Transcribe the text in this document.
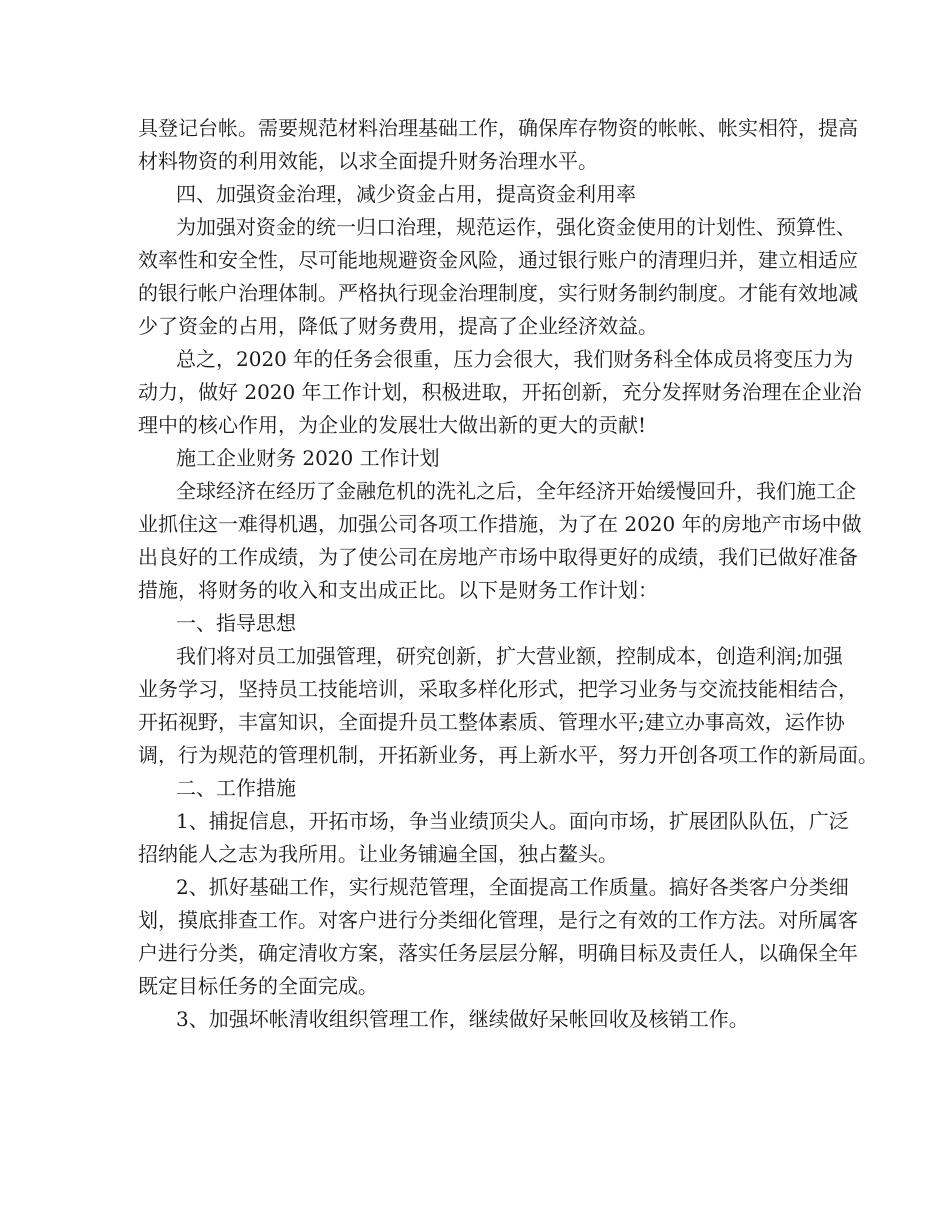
具登记台帐。需要规范材料治理基础工作，确保库存物资的帐帐、帐实相符，提高

材料物资的利用效能，以求全面提升财务治理水平。

四、加强资金治理，减少资金占用，提高资金利用率

为加强对资金的统一归口治理，规范运作，强化资金使用的计划性、预算性、

效率性和安全性，尽可能地规避资金风险，通过银行账户的清理归并，建立相适应

的银行帐户治理体制。严格执行现金治理制度，实行财务制约制度。才能有效地减

少了资金的占用，降低了财务费用，提高了企业经济效益。

总之，2020 年的任务会很重，压力会很大，我们财务科全体成员将变压力为

动力，做好 2020 年工作计划，积极进取，开拓创新，充分发挥财务治理在企业治

理中的核心作用，为企业的发展壮大做出新的更大的贡献!

施工企业财务 2020 工作计划

全球经济在经历了金融危机的洗礼之后，全年经济开始缓慢回升，我们施工企

业抓住这一难得机遇，加强公司各项工作措施，为了在 2020 年的房地产市场中做

出良好的工作成绩，为了使公司在房地产市场中取得更好的成绩，我们已做好准备

措施，将财务的收入和支出成正比。以下是财务工作计划：

一、指导思想

我们将对员工加强管理，研究创新，扩大营业额，控制成本，创造利润;加强

业务学习，坚持员工技能培训，采取多样化形式，把学习业务与交流技能相结合，

开拓视野，丰富知识，全面提升员工整体素质、管理水平;建立办事高效，运作协

调，行为规范的管理机制，开拓新业务，再上新水平，努力开创各项工作的新局面。

二、工作措施

1、捕捉信息，开拓市场，争当业绩顶尖人。面向市场，扩展团队队伍，广泛

招纳能人之志为我所用。让业务铺遍全国，独占鳌头。

2、抓好基础工作，实行规范管理，全面提高工作质量。搞好各类客户分类细

划，摸底排查工作。对客户进行分类细化管理，是行之有效的工作方法。对所属客

户进行分类，确定清收方案，落实任务层层分解，明确目标及责任人，以确保全年

既定目标任务的全面完成。

3、加强坏帐清收组织管理工作，继续做好呆帐回收及核销工作。
